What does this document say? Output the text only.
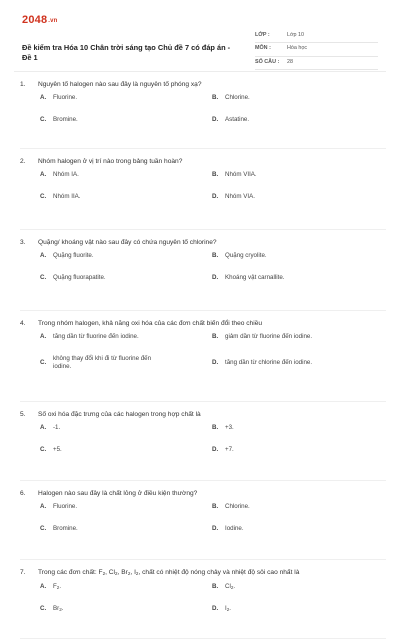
2048.vn
Đề kiểm tra Hóa 10 Chân trời sáng tạo Chủ đề 7 có đáp án - Đề 1
LỚP :	Lớp 10
MÔN :	Hóa học
SỐ CÂU : 28
1. Nguyên tố halogen nào sau đây là nguyên tố phóng xạ?
A. Fluorine.	B. Chlorine.
C. Bromine.	D. Astatine.
2. Nhóm halogen ở vị trí nào trong bảng tuần hoàn?
A. Nhóm IA.	B. Nhóm VIIA.
C. Nhóm IIA.	D. Nhóm VIA.
3. Quặng/ khoáng vật nào sau đây có chứa nguyên tố chlorine?
A. Quặng fluorite.	B. Quặng cryolite.
C. Quặng fluorapatite.	D. Khoáng vật carnallite.
4. Trong nhóm halogen, khả năng oxi hóa của các đơn chất biến đổi theo chiều
A. tăng dần từ fluorine đến iodine.	B. giảm dần từ fluorine đến iodine.
C.
không thay đổi khi đi từ fluorine đến iodine.
D. tăng dần từ chlorine đến iodine.
5. Số oxi hóa đặc trưng của các halogen trong hợp chất là
A. -1.	B. +3.
C. +5.	D. +7.
6. Halogen nào sau đây là chất lỏng ở điều kiện thường?
A. Fluorine.	B. Chlorine.
C. Bromine.	D. Iodine.
7. Trong các đơn chất: $F_2$, $Cl_2$, $Br_2$, $I_2$, chất có nhiệt độ nóng chảy và nhiệt độ sôi cao nhất là
A. $F_2$.	B. $Cl_2$.
C. $Br_2$.	D. $I_2$.
